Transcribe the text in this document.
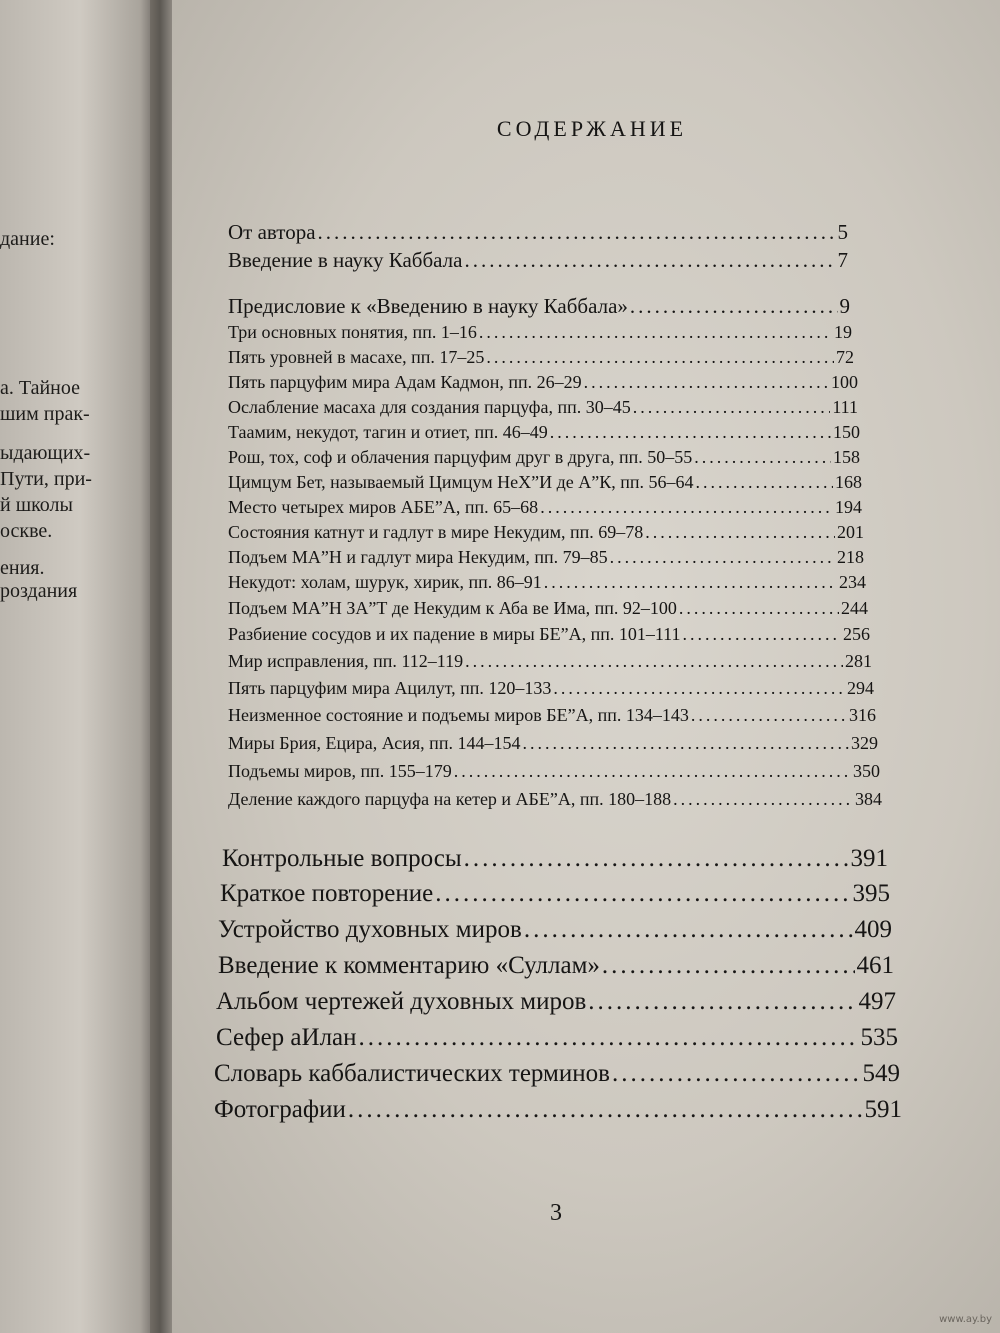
дание:
а. Тайное
шим прак-
ыдающих-
Пути, при-
й школы
оскве.
ения.
роздания
СОДЕРЖАНИЕ
От автора .....	5
Введение в науку Каббала .....	7
Предисловие к «Введению в науку Каббала» .....	9
Три основных понятия, пп. 1–16 .....	19
Пять уровней в масахе, пп. 17–25 .....	72
Пять парцуфим мира Адам Кадмон, пп. 26–29 .....	100
Ослабление масаха для создания парцуфа, пп. 30–45 .....	111
Таамим, некудот, тагин и отиет, пп. 46–49 .....	150
Рош, тох, соф и облачения парцуфим друг в друга, пп. 50–55 .....	158
Цимцум Бет, называемый Цимцум НеХ”И де А”К, пп. 56–64 .....	168
Место четырех миров АБЕ”А, пп. 65–68 .....	194
Состояния катнут и гадлут в мире Некудим, пп. 69–78 .....	201
Подъем МА”Н и гадлут мира Некудим, пп. 79–85 .....	218
Некудот: холам, шурук, хирик, пп. 86–91 .....	234
Подъем МА”Н ЗА”Т де Некудим к Аба ве Има, пп. 92–100 .....	244
Разбиение сосудов и их падение в миры БЕ”А, пп. 101–111 .....	256
Мир исправления, пп. 112–119 .....	281
Пять парцуфим мира Ацилут, пп. 120–133 .....	294
Неизменное состояние и подъемы миров БЕ”А, пп. 134–143 .....	316
Миры Брия, Ецира, Асия, пп. 144–154 .....	329
Подъемы миров, пп. 155–179 .....	350
Деление каждого парцуфа на кетер и АБЕ”А, пп. 180–188 .....	384
Контрольные вопросы .....	391
Краткое повторение .....	395
Устройство духовных миров .....	409
Введение к комментарию «Суллам» .....	461
Альбом чертежей духовных миров .....	497
Сефер аИлан .....	535
Словарь каббалистических терминов .....	549
Фотографии .....	591
3
www.ay.by
